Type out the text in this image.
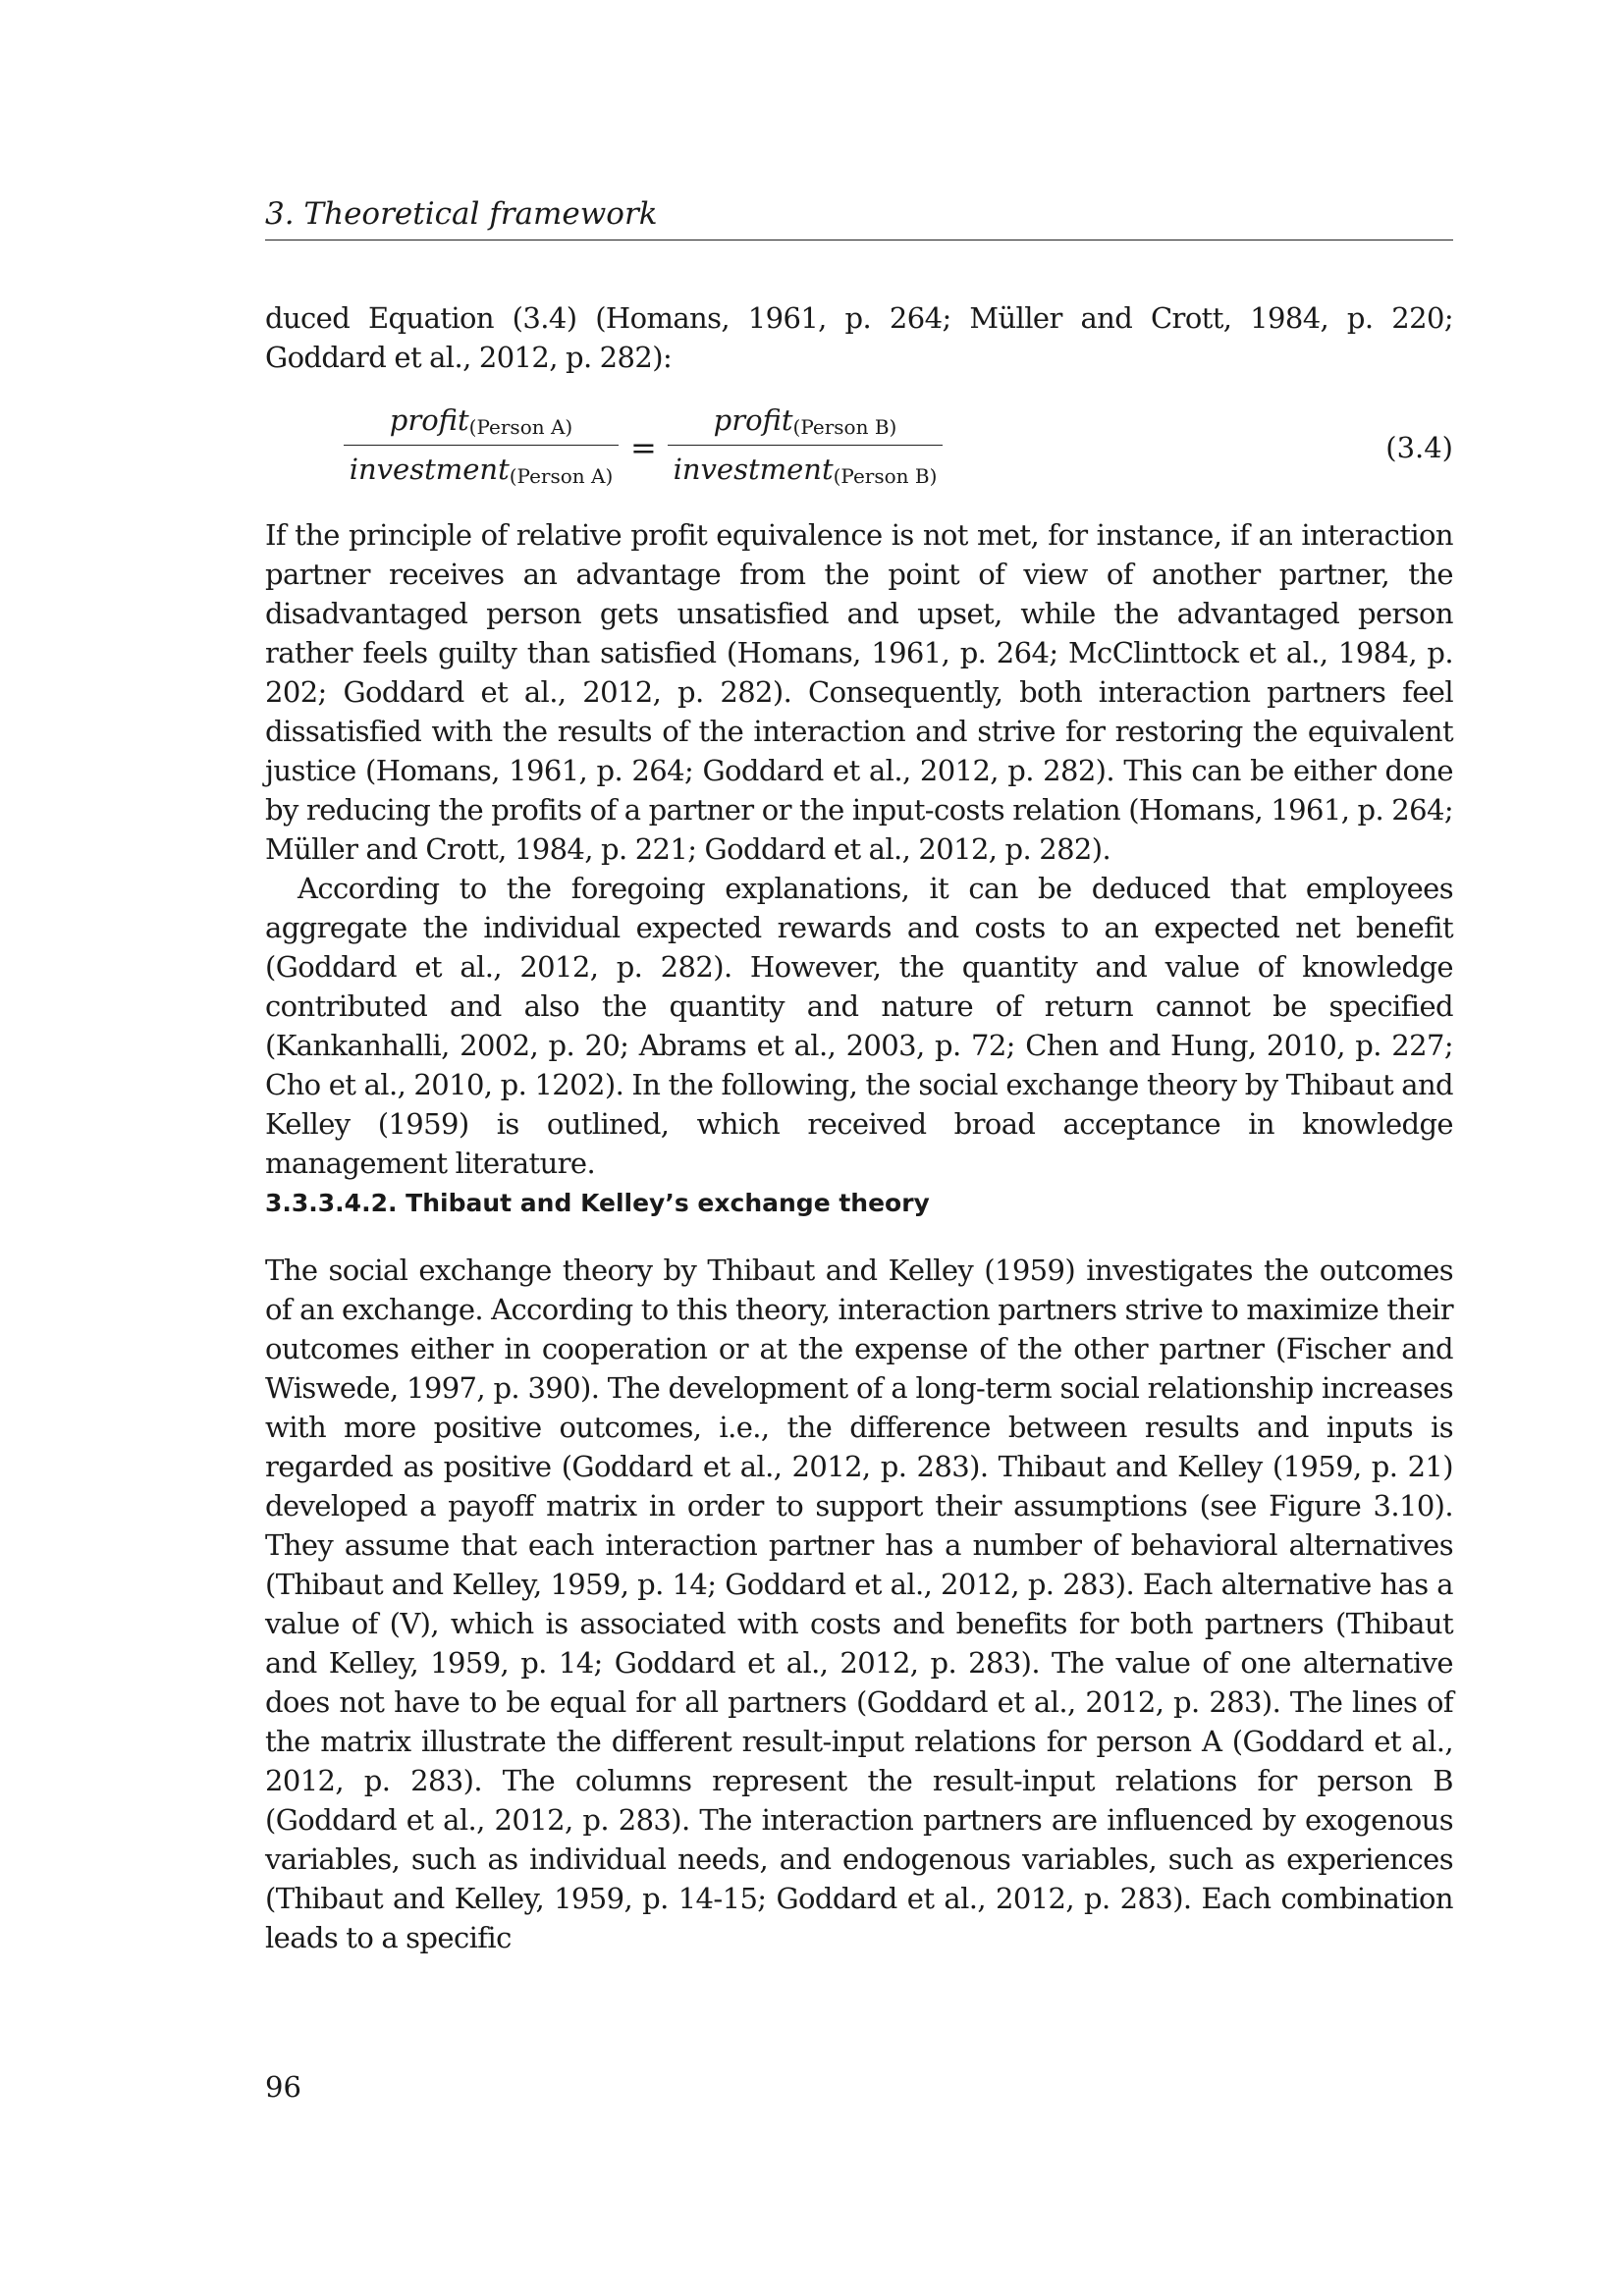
3. Theoretical framework

duced Equation (3.4) (Homans, 1961, p. 264; Müller and Crott, 1984, p. 220; Goddard et al., 2012, p. 282):

profit$_{(Person A)}$
investment$_{(Person A)}$
=
profit$_{(Person B)}$
investment$_{(Person B)}$
(3.4)

If the principle of relative profit equivalence is not met, for instance, if an interaction partner receives an advantage from the point of view of another partner, the disadvantaged person gets unsatisfied and upset, while the advantaged person rather feels guilty than satisfied (Homans, 1961, p. 264; McClinttock et al., 1984, p. 202; Goddard et al., 2012, p. 282). Consequently, both interaction partners feel dissatisfied with the results of the interaction and strive for restoring the equivalent justice (Homans, 1961, p. 264; Goddard et al., 2012, p. 282). This can be either done by reducing the profits of a partner or the input-costs relation (Homans, 1961, p. 264; Müller and Crott, 1984, p. 221; Goddard et al., 2012, p. 282).

According to the foregoing explanations, it can be deduced that employees aggregate the individual expected rewards and costs to an expected net benefit (Goddard et al., 2012, p. 282). However, the quantity and value of knowledge contributed and also the quantity and nature of return cannot be specified (Kankanhalli, 2002, p. 20; Abrams et al., 2003, p. 72; Chen and Hung, 2010, p. 227; Cho et al., 2010, p. 1202). In the following, the social exchange theory by Thibaut and Kelley (1959) is outlined, which received broad acceptance in knowledge management literature.

3.3.3.4.2. Thibaut and Kelley’s exchange theory

The social exchange theory by Thibaut and Kelley (1959) investigates the outcomes of an exchange. According to this theory, interaction partners strive to maximize their outcomes either in cooperation or at the expense of the other partner (Fischer and Wiswede, 1997, p. 390). The development of a long-term social relationship increases with more positive outcomes, i.e., the difference between results and inputs is regarded as positive (Goddard et al., 2012, p. 283). Thibaut and Kelley (1959, p. 21) developed a payoff matrix in order to support their assumptions (see Figure 3.10). They assume that each interaction partner has a number of behavioral alternatives (Thibaut and Kelley, 1959, p. 14; Goddard et al., 2012, p. 283). Each alternative has a value of (V), which is associated with costs and benefits for both partners (Thibaut and Kelley, 1959, p. 14; Goddard et al., 2012, p. 283). The value of one alternative does not have to be equal for all partners (Goddard et al., 2012, p. 283). The lines of the matrix illustrate the different result-input relations for person A (Goddard et al., 2012, p. 283). The columns represent the result-input relations for person B (Goddard et al., 2012, p. 283). The interaction partners are influenced by exogenous variables, such as individual needs, and endogenous variables, such as experiences (Thibaut and Kelley, 1959, p. 14-15; Goddard et al., 2012, p. 283). Each combination leads to a specific

96
